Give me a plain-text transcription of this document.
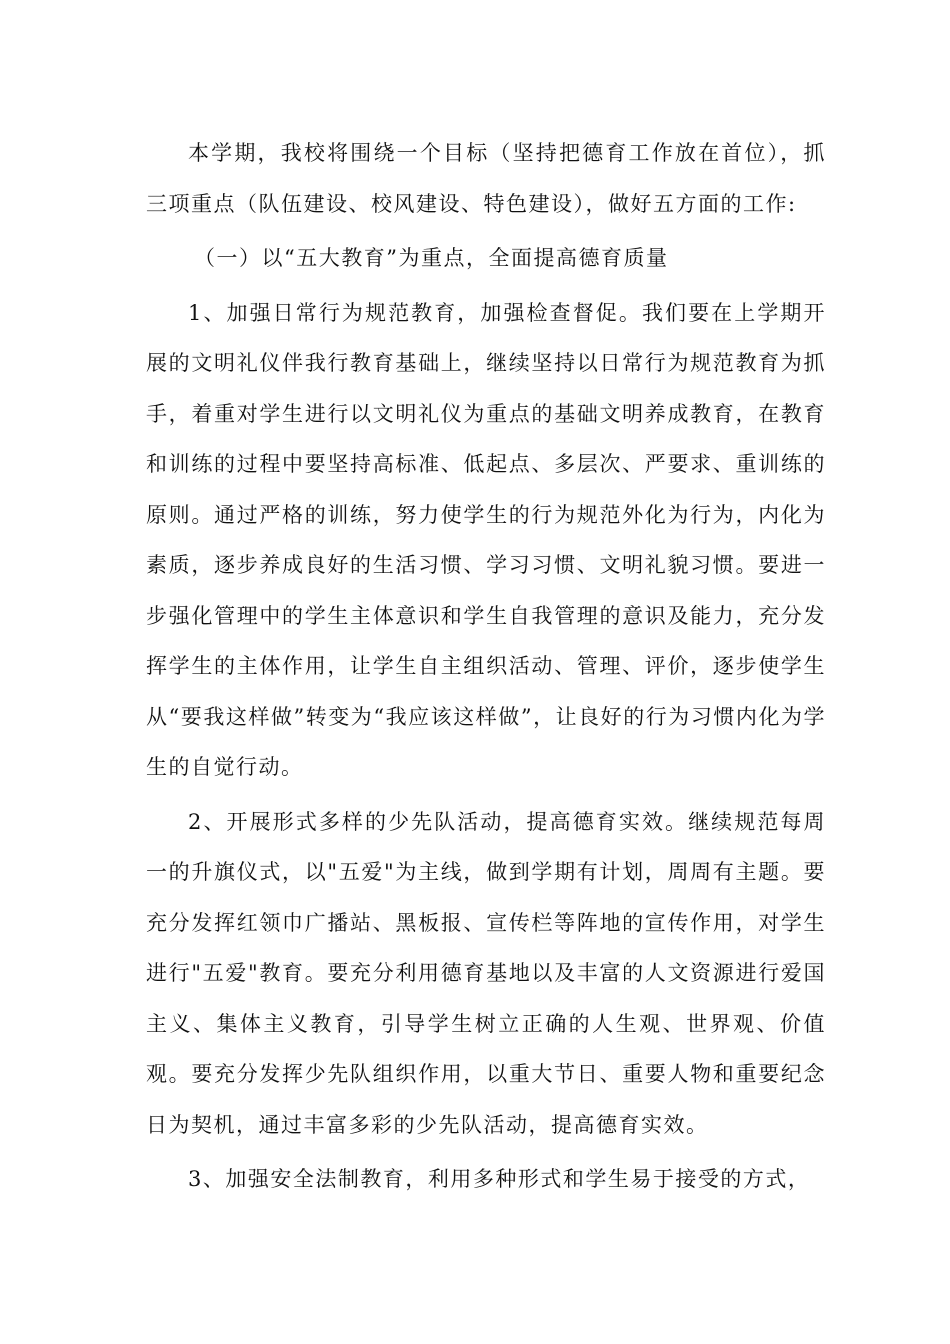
本学期，我校将围绕一个目标（坚持把德育工作放在首位），抓三项重点（队伍建设、校风建设、特色建设），做好五方面的工作:

（一）以“五大教育”为重点，全面提高德育质量

1、加强日常行为规范教育，加强检查督促。我们要在上学期开展的文明礼仪伴我行教育基础上，继续坚持以日常行为规范教育为抓手，着重对学生进行以文明礼仪为重点的基础文明养成教育，在教育和训练的过程中要坚持高标准、低起点、多层次、严要求、重训练的原则。通过严格的训练，努力使学生的行为规范外化为行为，内化为素质，逐步养成良好的生活习惯、学习习惯、文明礼貌习惯。要进一步强化管理中的学生主体意识和学生自我管理的意识及能力，充分发挥学生的主体作用，让学生自主组织活动、管理、评价，逐步使学生从“要我这样做”转变为“我应该这样做”，让良好的行为习惯内化为学生的自觉行动。

2、开展形式多样的少先队活动，提高德育实效。继续规范每周一的升旗仪式，以"五爱"为主线，做到学期有计划，周周有主题。要充分发挥红领巾广播站、黑板报、宣传栏等阵地的宣传作用，对学生进行"五爱"教育。要充分利用德育基地以及丰富的人文资源进行爱国主义、集体主义教育，引导学生树立正确的人生观、世界观、价值观。要充分发挥少先队组织作用，以重大节日、重要人物和重要纪念日为契机，通过丰富多彩的少先队活动，提高德育实效。

3、加强安全法制教育，利用多种形式和学生易于接受的方式，
